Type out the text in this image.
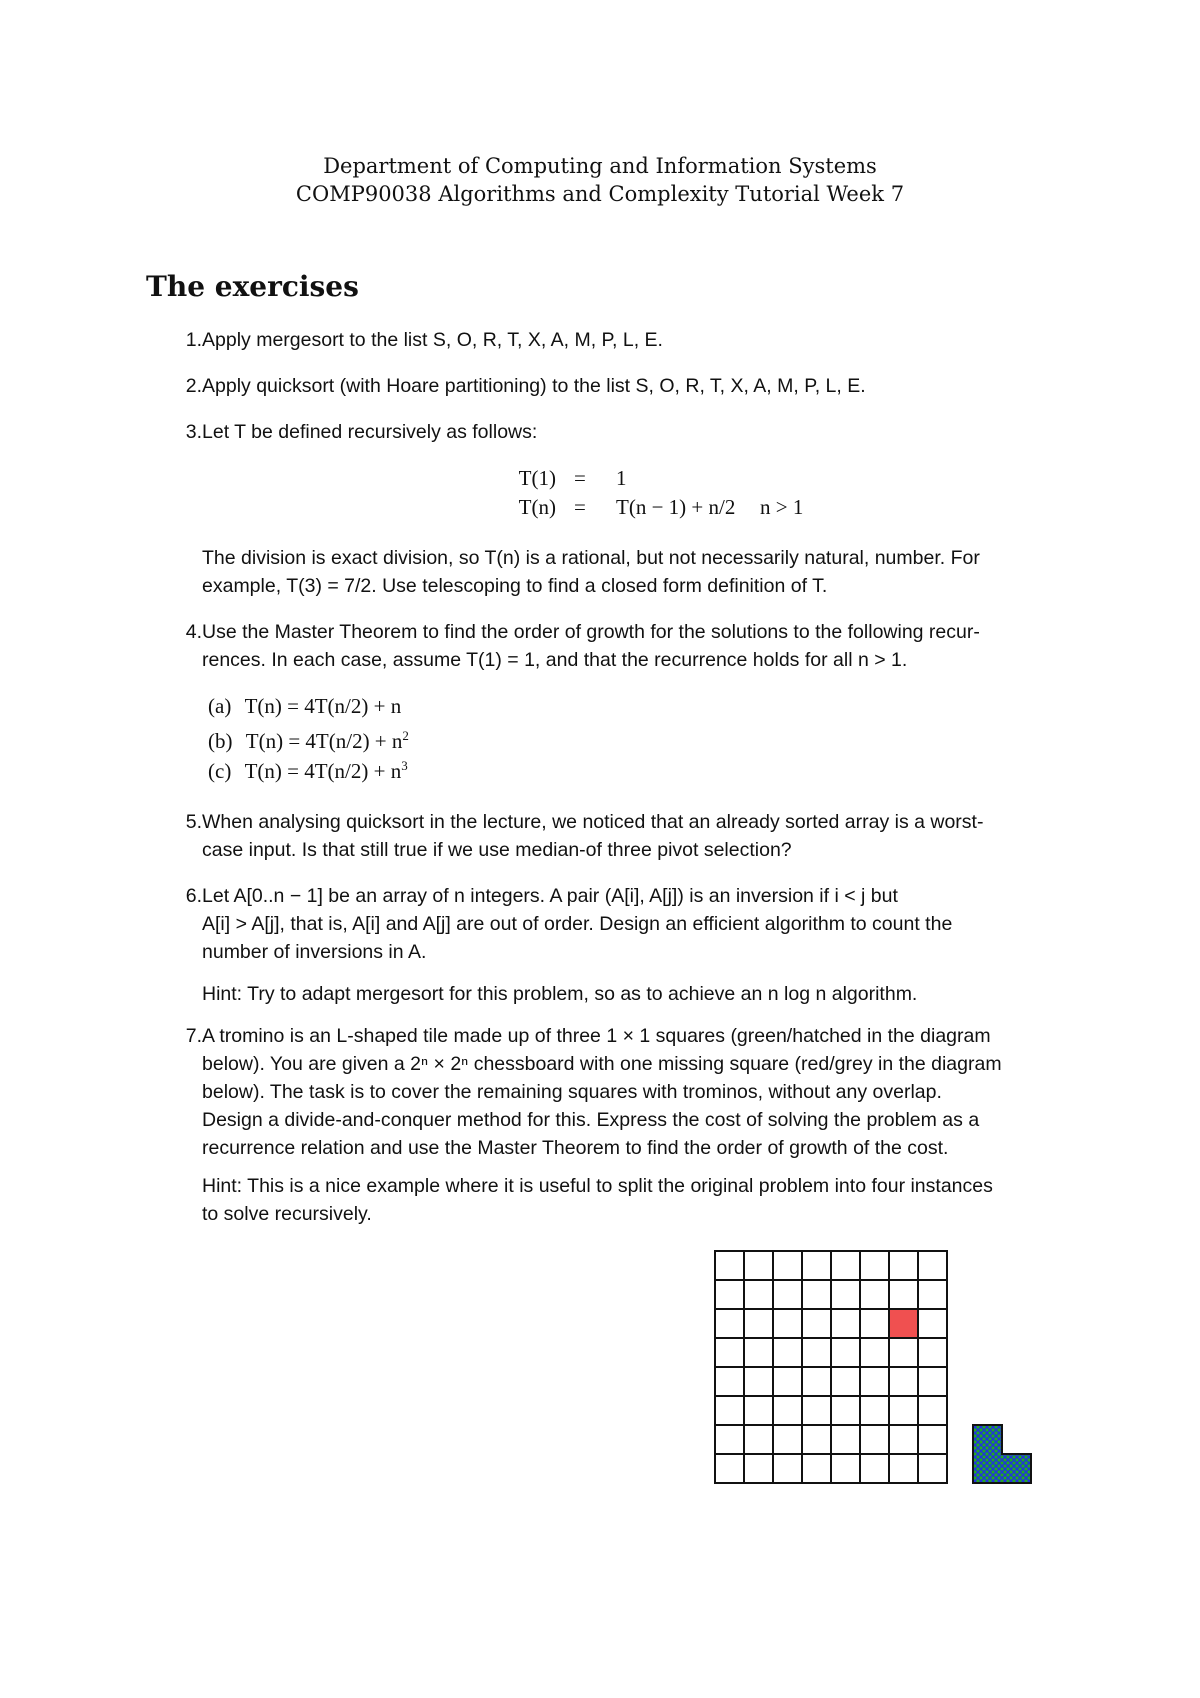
Department of Computing and Information Systems
COMP90038 Algorithms and Complexity Tutorial Week 7
The exercises
1. Apply mergesort to the list S, O, R, T, X, A, M, P, L, E.
2. Apply quicksort (with Hoare partitioning) to the list S, O, R, T, X, A, M, P, L, E.
3. Let T be defined recursively as follows:
T(1) = 1
T(n) = T(n − 1) + n/2 n > 1
The division is exact division, so T(n) is a rational, but not necessarily natural, number. For
example, T(3) = 7/2. Use telescoping to find a closed form definition of T.
4. Use the Master Theorem to find the order of growth for the solutions to the following recur-
rences. In each case, assume T(1) = 1, and that the recurrence holds for all n > 1.
(a) T(n) = 4T(n/2) + n
(b) $T(n) = 4T(n/2) + n^2$
(c) $T(n) = 4T(n/2) + n^3$
5. When analysing quicksort in the lecture, we noticed that an already sorted array is a worst-
case input. Is that still true if we use median-of three pivot selection?
6. Let A[0..n − 1] be an array of n integers. A pair (A[i], A[j]) is an inversion if i < j but
A[i] > A[j], that is, A[i] and A[j] are out of order. Design an efficient algorithm to count the
number of inversions in A.
Hint: Try to adapt mergesort for this problem, so as to achieve an n log n algorithm.
7. A tromino is an L-shaped tile made up of three 1 × 1 squares (green/hatched in the diagram
below). You are given a 2ⁿ × 2ⁿ chessboard with one missing square (red/grey in the diagram
below). The task is to cover the remaining squares with trominos, without any overlap.
Design a divide-and-conquer method for this. Express the cost of solving the problem as a
recurrence relation and use the Master Theorem to find the order of growth of the cost.
Hint: This is a nice example where it is useful to split the original problem into four instances
to solve recursively.
